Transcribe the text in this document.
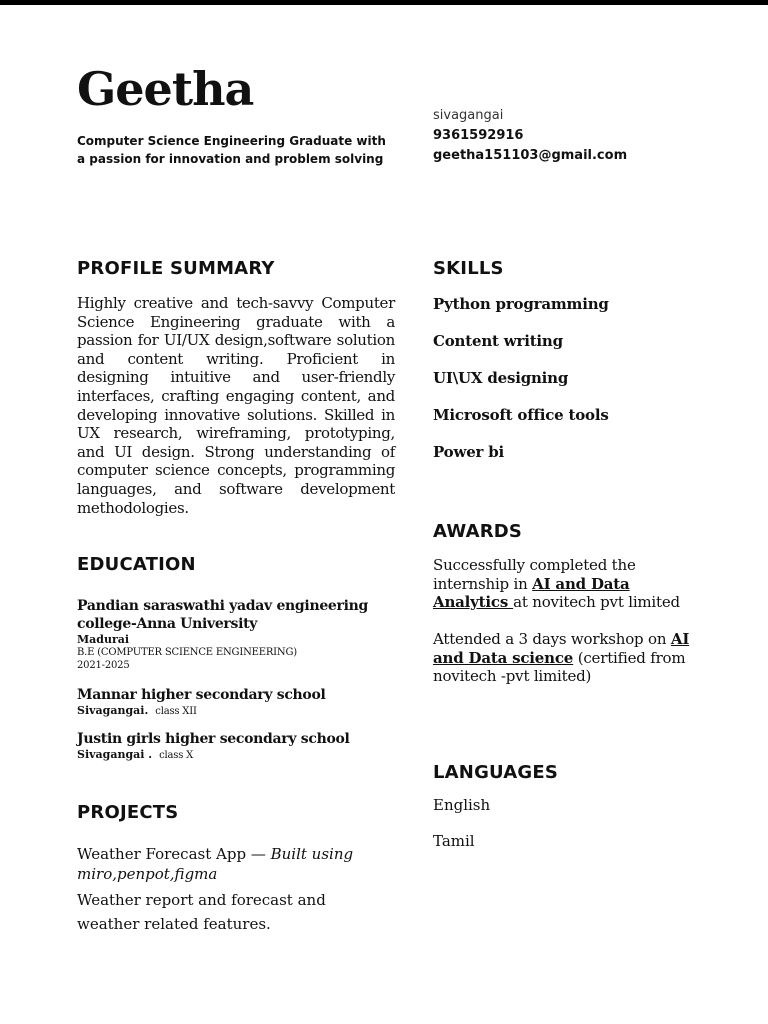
Geetha
Computer Science Engineering Graduate with a passion for innovation and problem solving
sivagangai
9361592916
geetha151103@gmail.com
PROFILE SUMMARY
Highly creative and tech-savvy Computer Science Engineering graduate with a passion for UI/UX design,software solution and content writing. Proficient in designing intuitive and user-friendly interfaces, crafting engaging content, and developing innovative solutions. Skilled in UX research, wireframing, prototyping, and UI design. Strong understanding of computer science concepts, programming languages, and software development methodologies.
SKILLS
Python programming
Content writing
UI\UX designing
Microsoft office tools
Power bi
AWARDS
Successfully completed the internship in AI and Data Analytics at novitech pvt limited
Attended a 3 days workshop on AI and Data science (certified from novitech -pvt limited)
EDUCATION
Pandian saraswathi yadav engineering college-Anna University
Madurai
B.E (COMPUTER SCIENCE ENGINEERING)
2021-2025
Mannar higher secondary school
Sivagangai. class XII
Justin girls higher secondary school
Sivagangai . class X
LANGUAGES
English
Tamil
PROJECTS
Weather Forecast App — Built using miro,penpot,figma
Weather report and forecast and weather related features.
